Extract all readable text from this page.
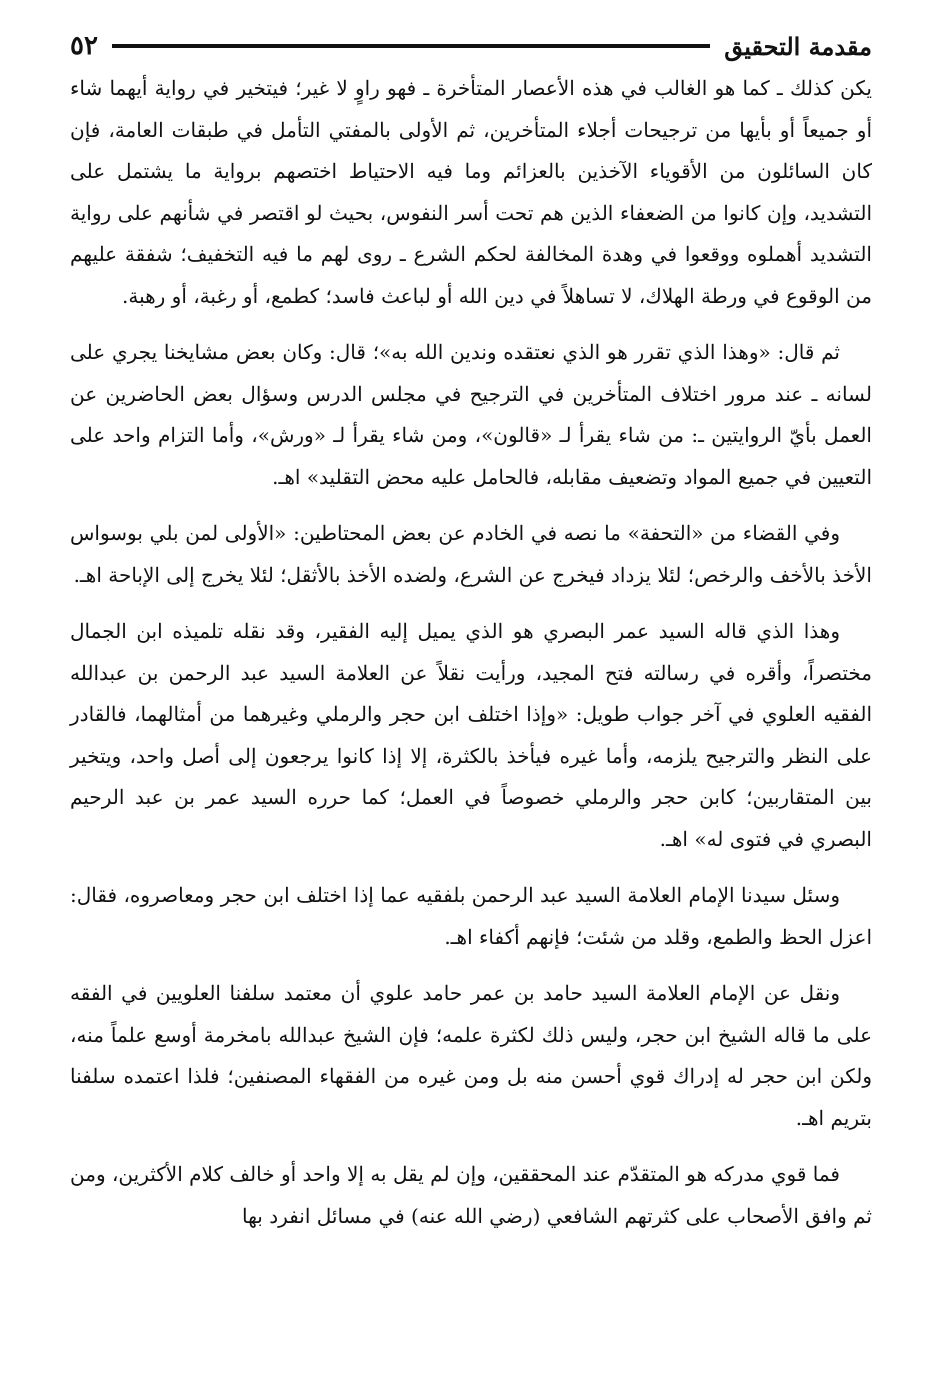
٥٢	مقدمة التحقيق

يكن كذلك ـ كما هو الغالب في هذه الأعصار المتأخرة ـ فهو راوٍ لا غير؛ فيتخير في رواية أيهما شاء أو جميعاً أو بأيها من ترجيحات أجلاء المتأخرين، ثم الأولى بالمفتي التأمل في طبقات العامة، فإن كان السائلون من الأقوياء الآخذين بالعزائم وما فيه الاحتياط اختصهم برواية ما يشتمل على التشديد، وإن كانوا من الضعفاء الذين هم تحت أسر النفوس، بحيث لو اقتصر في شأنهم على رواية التشديد أهملوه ووقعوا في وهدة المخالفة لحكم الشرع ـ روى لهم ما فيه التخفيف؛ شفقة عليهم من الوقوع في ورطة الهلاك، لا تساهلاً في دين الله أو لباعث فاسد؛ كطمع، أو رغبة، أو رهبة.

ثم قال: «وهذا الذي تقرر هو الذي نعتقده وندين الله به»؛ قال: وكان بعض مشايخنا يجري على لسانه ـ عند مرور اختلاف المتأخرين في الترجيح في مجلس الدرس وسؤال بعض الحاضرين عن العمل بأيّ الروايتين ـ: من شاء يقرأ لـ «قالون»، ومن شاء يقرأ لـ «ورش»، وأما التزام واحد على التعيين في جميع المواد وتضعيف مقابله، فالحامل عليه محض التقليد» اهـ.

وفي القضاء من «التحفة» ما نصه في الخادم عن بعض المحتاطين: «الأولى لمن بلي بوسواس الأخذ بالأخف والرخص؛ لئلا يزداد فيخرج عن الشرع، ولضده الأخذ بالأثقل؛ لئلا يخرج إلى الإباحة اهـ.

وهذا الذي قاله السيد عمر البصري هو الذي يميل إليه الفقير، وقد نقله تلميذه ابن الجمال مختصراً، وأقره في رسالته فتح المجيد، ورأيت نقلاً عن العلامة السيد عبد الرحمن بن عبدالله الفقيه العلوي في آخر جواب طويل: «وإذا اختلف ابن حجر والرملي وغيرهما من أمثالهما، فالقادر على النظر والترجيح يلزمه، وأما غيره فيأخذ بالكثرة، إلا إذا كانوا يرجعون إلى أصل واحد، ويتخير بين المتقاربين؛ كابن حجر والرملي خصوصاً في العمل؛ كما حرره السيد عمر بن عبد الرحيم البصري في فتوى له» اهـ.

وسئل سيدنا الإمام العلامة السيد عبد الرحمن بلفقيه عما إذا اختلف ابن حجر ومعاصروه، فقال: اعزل الحظ والطمع، وقلد من شئت؛ فإنهم أكفاء اهـ.

ونقل عن الإمام العلامة السيد حامد بن عمر حامد علوي أن معتمد سلفنا العلويين في الفقه على ما قاله الشيخ ابن حجر، وليس ذلك لكثرة علمه؛ فإن الشيخ عبدالله بامخرمة أوسع علماً منه، ولكن ابن حجر له إدراك قوي أحسن منه بل ومن غيره من الفقهاء المصنفين؛ فلذا اعتمده سلفنا بتريم اهـ.

فما قوي مدركه هو المتقدّم عند المحققين، وإن لم يقل به إلا واحد أو خالف كلام الأكثرين، ومن ثم وافق الأصحاب على كثرتهم الشافعي (رضي الله عنه) في مسائل انفرد بها
